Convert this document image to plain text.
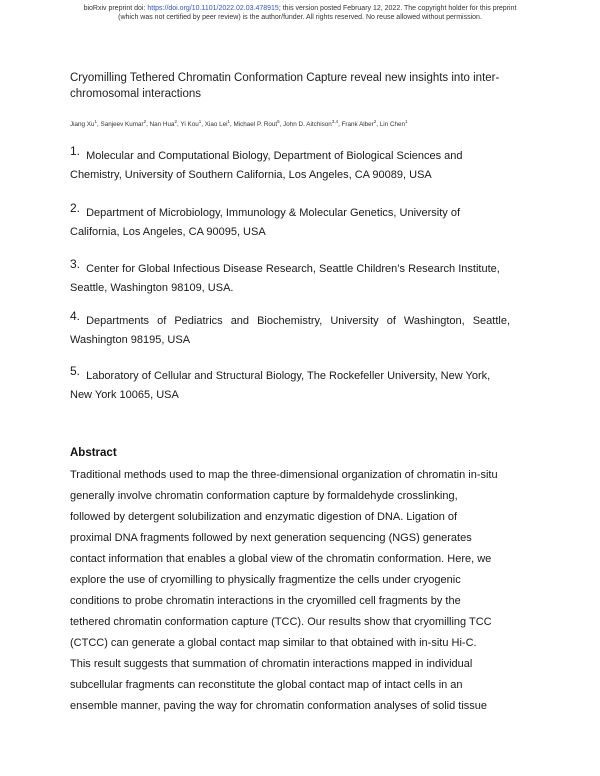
bioRxiv preprint doi: https://doi.org/10.1101/2022.02.03.478915; this version posted February 12, 2022. The copyright holder for this preprint
(which was not certified by peer review) is the author/funder. All rights reserved. No reuse allowed without permission.
Cryomilling Tethered Chromatin Conformation Capture reveal new insights into inter-chromosomal interactions
Jiang Xu$^1$, Sanjeev Kumar$^2$, Nan Hua$^2$, Yi Kou$^1$, Xiao Lei$^1$, Michael P. Rout$^5$, John D. Aitchison$^{3,4}$, Frank Alber$^2$, Lin Chen$^1$
1. Molecular and Computational Biology, Department of Biological Sciences and
Chemistry, University of Southern California, Los Angeles, CA 90089, USA
2. Department of Microbiology, Immunology & Molecular Genetics, University of
California, Los Angeles, CA 90095, USA
3. Center for Global Infectious Disease Research, Seattle Children’s Research Institute,
Seattle, Washington 98109, USA.
4. Departments of Pediatrics and Biochemistry, University of Washington, Seattle,
Washington 98195, USA
5. Laboratory of Cellular and Structural Biology, The Rockefeller University, New York,
New York 10065, USA
Abstract
Traditional methods used to map the three-dimensional organization of chromatin in-situ
generally involve chromatin conformation capture by formaldehyde crosslinking,
followed by detergent solubilization and enzymatic digestion of DNA. Ligation of
proximal DNA fragments followed by next generation sequencing (NGS) generates
contact information that enables a global view of the chromatin conformation. Here, we
explore the use of cryomilling to physically fragmentize the cells under cryogenic
conditions to probe chromatin interactions in the cryomilled cell fragments by the
tethered chromatin conformation capture (TCC). Our results show that cryomilling TCC
(CTCC) can generate a global contact map similar to that obtained with in-situ Hi-C.
This result suggests that summation of chromatin interactions mapped in individual
subcellular fragments can reconstitute the global contact map of intact cells in an
ensemble manner, paving the way for chromatin conformation analyses of solid tissue
